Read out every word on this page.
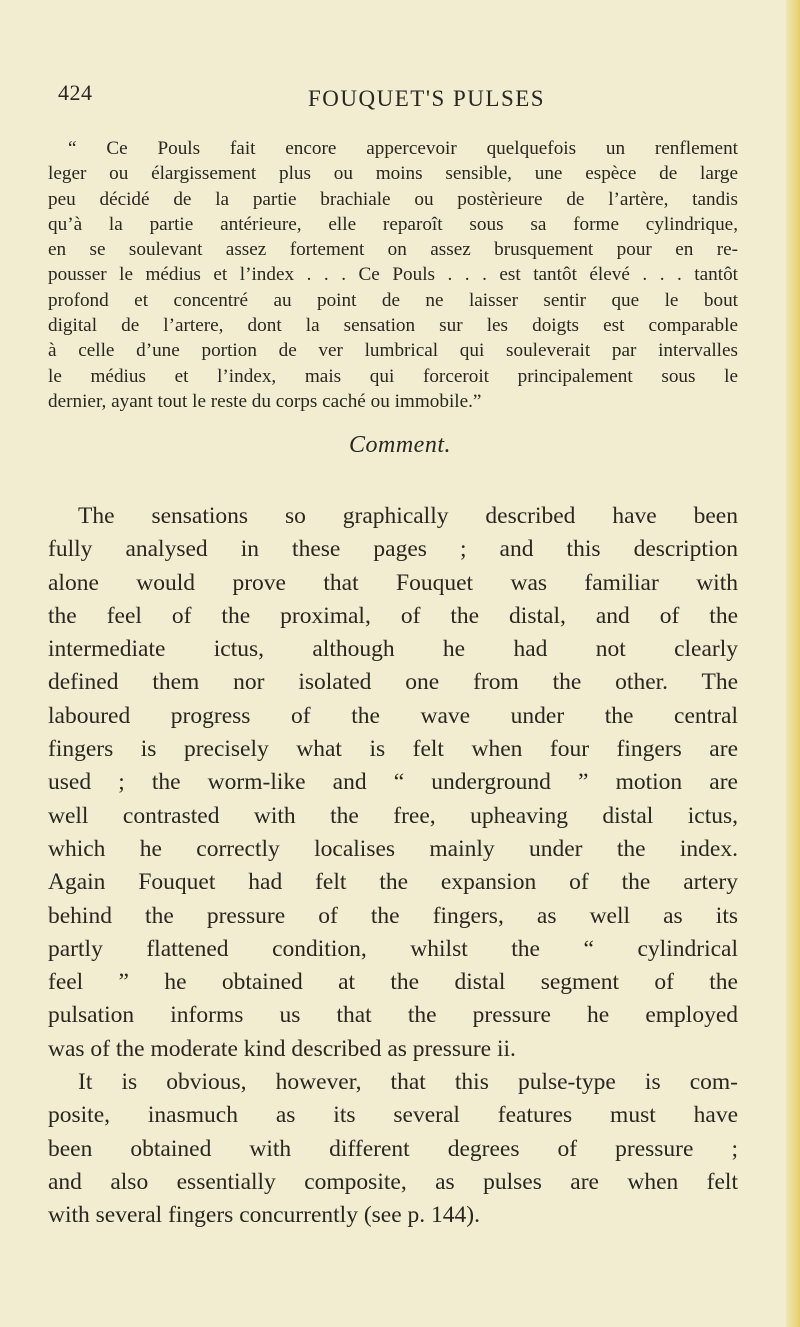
424	FOUQUET'S PULSES
“ Ce Pouls fait encore appercevoir quelquefois un renflement
leger ou élargissement plus ou moins sensible, une espèce de large
peu décidé de la partie brachiale ou postèrieure de l’artère, tandis
qu’à la partie antérieure, elle reparoît sous sa forme cylindrique,
en se soulevant assez fortement on assez brusquement pour en re-
pousser le médius et l’index . . . Ce Pouls . . . est tantôt élevé . . . tantôt
profond et concentré au point de ne laisser sentir que le bout
digital de l’artere, dont la sensation sur les doigts est comparable
à celle d’une portion de ver lumbrical qui souleverait par intervalles
le médius et l’index, mais qui forceroit principalement sous le
dernier, ayant tout le reste du corps caché ou immobile.”
Comment.
The sensations so graphically described have been
fully analysed in these pages ; and this description
alone would prove that Fouquet was familiar with
the feel of the proximal, of the distal, and of the
intermediate ictus, although he had not clearly
defined them nor isolated one from the other. The
laboured progress of the wave under the central
fingers is precisely what is felt when four fingers are
used ; the worm-like and “ underground ” motion are
well contrasted with the free, upheaving distal ictus,
which he correctly localises mainly under the index.
Again Fouquet had felt the expansion of the artery
behind the pressure of the fingers, as well as its
partly flattened condition, whilst the “ cylindrical
feel ” he obtained at the distal segment of the
pulsation informs us that the pressure he employed
was of the moderate kind described as pressure ii.
It is obvious, however, that this pulse-type is com-
posite, inasmuch as its several features must have
been obtained with different degrees of pressure ;
and also essentially composite, as pulses are when felt
with several fingers concurrently (see p. 144).
